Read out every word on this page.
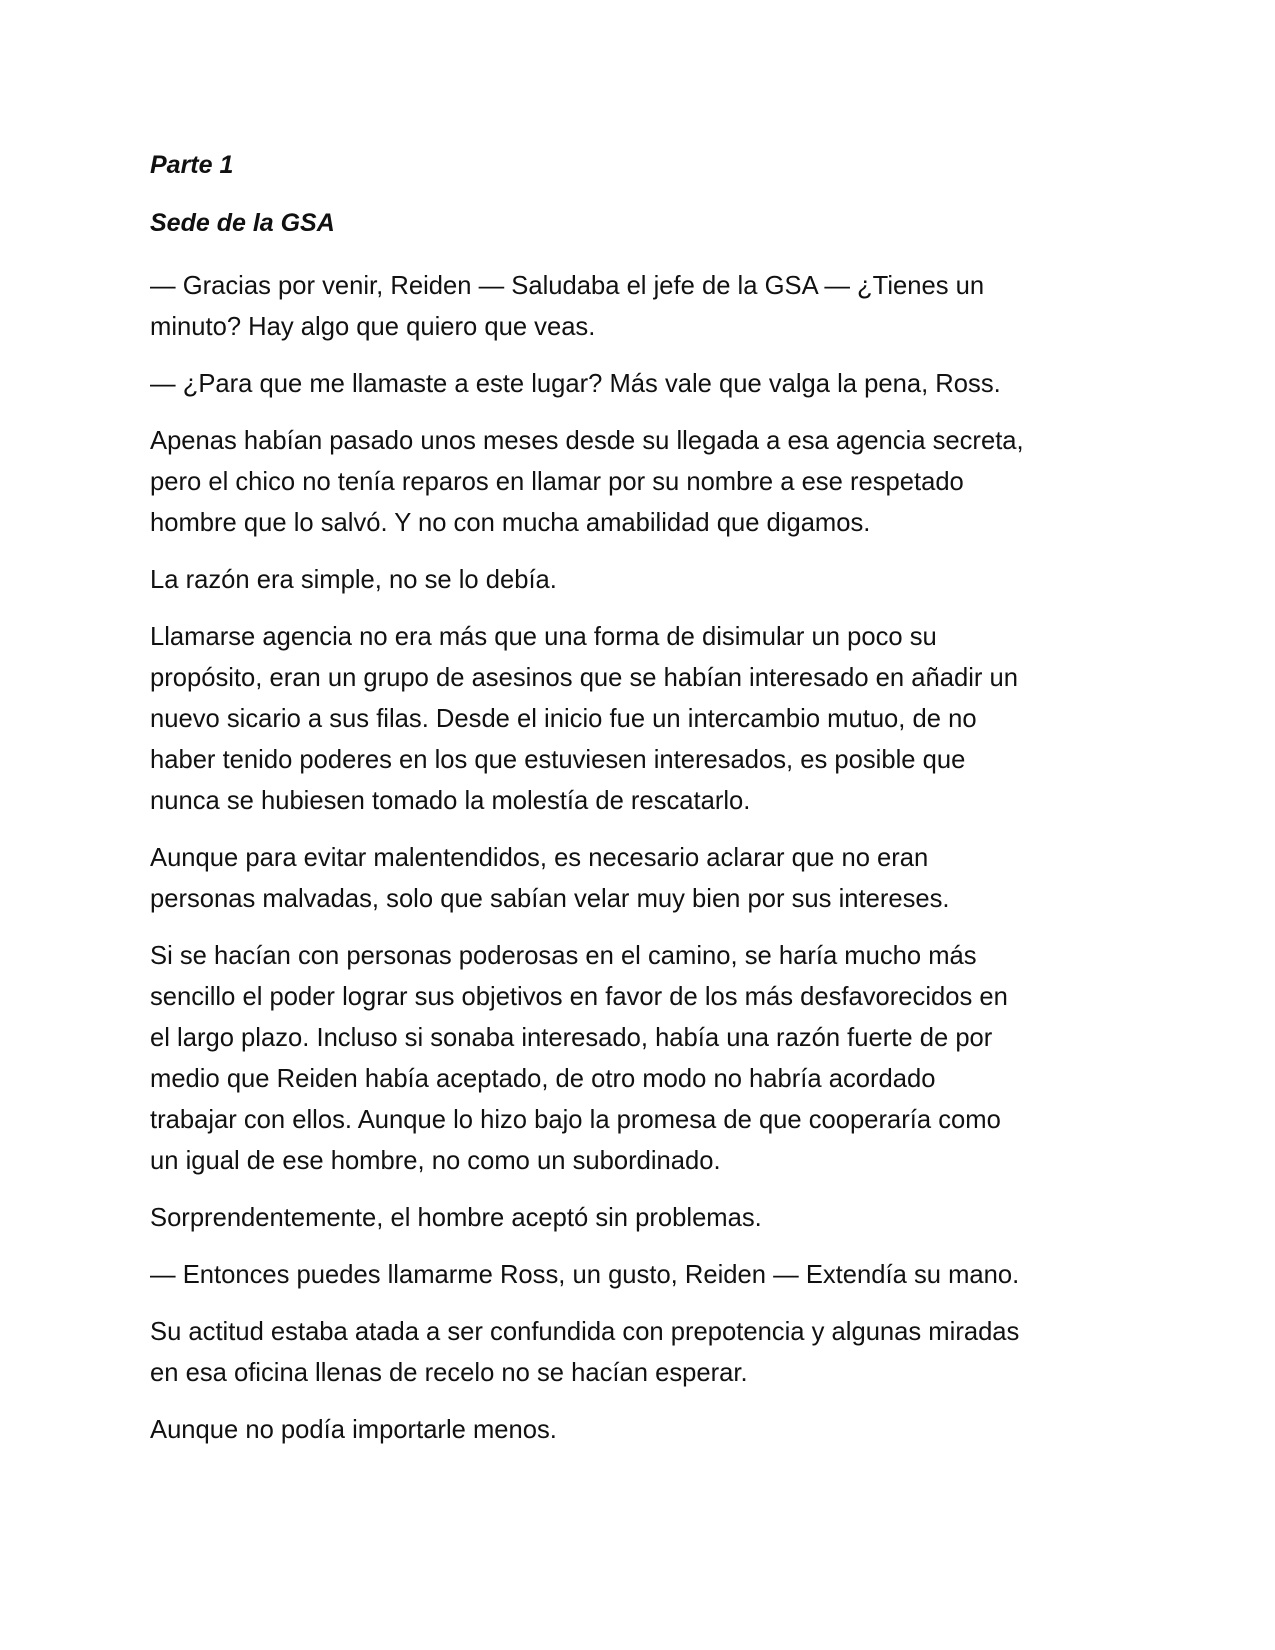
Parte 1
Sede de la GSA

— Gracias por venir, Reiden — Saludaba el jefe de la GSA — ¿Tienes un
minuto? Hay algo que quiero que veas.

— ¿Para que me llamaste a este lugar? Más vale que valga la pena, Ross.

Apenas habían pasado unos meses desde su llegada a esa agencia secreta,
pero el chico no tenía reparos en llamar por su nombre a ese respetado
hombre que lo salvó. Y no con mucha amabilidad que digamos.

La razón era simple, no se lo debía.

Llamarse agencia no era más que una forma de disimular un poco su
propósito, eran un grupo de asesinos que se habían interesado en añadir un
nuevo sicario a sus filas. Desde el inicio fue un intercambio mutuo, de no
haber tenido poderes en los que estuviesen interesados, es posible que
nunca se hubiesen tomado la molestía de rescatarlo.

Aunque para evitar malentendidos, es necesario aclarar que no eran
personas malvadas, solo que sabían velar muy bien por sus intereses.

Si se hacían con personas poderosas en el camino, se haría mucho más
sencillo el poder lograr sus objetivos en favor de los más desfavorecidos en
el largo plazo. Incluso si sonaba interesado, había una razón fuerte de por
medio que Reiden había aceptado, de otro modo no habría acordado
trabajar con ellos. Aunque lo hizo bajo la promesa de que cooperaría como
un igual de ese hombre, no como un subordinado.

Sorprendentemente, el hombre aceptó sin problemas.

— Entonces puedes llamarme Ross, un gusto, Reiden — Extendía su mano.

Su actitud estaba atada a ser confundida con prepotencia y algunas miradas
en esa oficina llenas de recelo no se hacían esperar.

Aunque no podía importarle menos.
